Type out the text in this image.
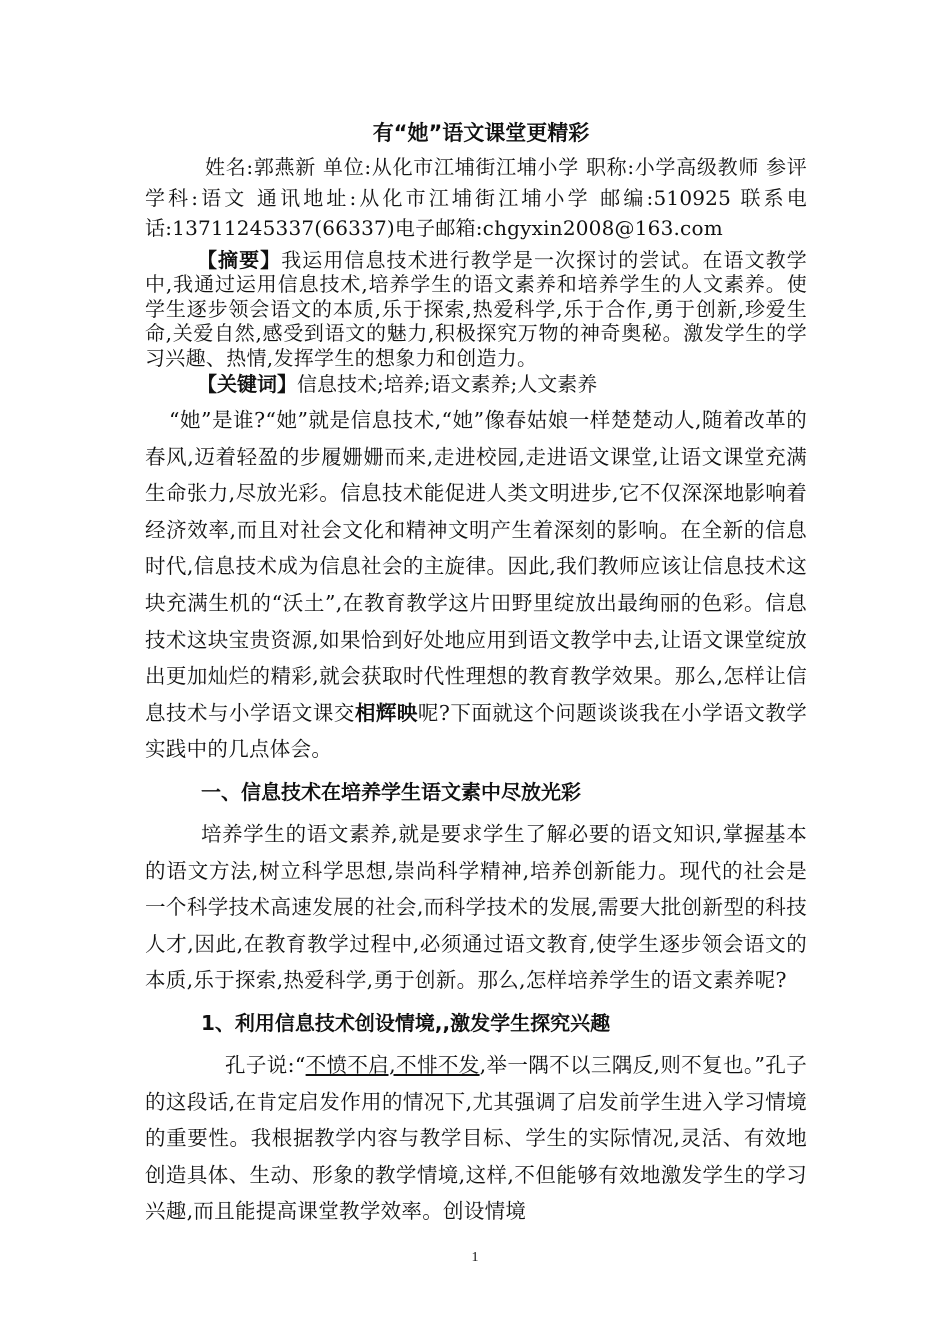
有“她”语文课堂更精彩

姓名:郭燕新 单位:从化市江埔街江埔小学 职称:小学高级教师 参评学科:语文 通讯地址:从化市江埔街江埔小学 邮编:510925 联系电话:13711245337(66337)电子邮箱:chgyxin2008@163.com

【摘要】我运用信息技术进行教学是一次探讨的尝试。在语文教学中,我通过运用信息技术,培养学生的语文素养和培养学生的人文素养。使学生逐步领会语文的本质,乐于探索,热爱科学,乐于合作,勇于创新,珍爱生命,关爱自然,感受到语文的魅力,积极探究万物的神奇奥秘。激发学生的学习兴趣、热情,发挥学生的想象力和创造力。

【关键词】信息技术;培养;语文素养;人文素养

“她”是谁?“她”就是信息技术,“她”像春姑娘一样楚楚动人,随着改革的春风,迈着轻盈的步履姗姗而来,走进校园,走进语文课堂,让语文课堂充满生命张力,尽放光彩。信息技术能促进人类文明进步,它不仅深深地影响着经济效率,而且对社会文化和精神文明产生着深刻的影响。在全新的信息时代,信息技术成为信息社会的主旋律。因此,我们教师应该让信息技术这块充满生机的“沃土”,在教育教学这片田野里绽放出最绚丽的色彩。信息技术这块宝贵资源,如果恰到好处地应用到语文教学中去,让语文课堂绽放出更加灿烂的精彩,就会获取时代性理想的教育教学效果。那么,怎样让信息技术与小学语文课交相辉映呢?下面就这个问题谈谈我在小学语文教学实践中的几点体会。

一、信息技术在培养学生语文素中尽放光彩

培养学生的语文素养,就是要求学生了解必要的语文知识,掌握基本的语文方法,树立科学思想,崇尚科学精神,培养创新能力。现代的社会是一个科学技术高速发展的社会,而科学技术的发展,需要大批创新型的科技人才,因此,在教育教学过程中,必须通过语文教育,使学生逐步领会语文的本质,乐于探索,热爱科学,勇于创新。那么,怎样培养学生的语文素养呢?

1、利用信息技术创设情境,,激发学生探究兴趣

孔子说:“不愤不启,不悱不发,举一隅不以三隅反,则不复也。”孔子的这段话,在肯定启发作用的情况下,尤其强调了启发前学生进入学习情境的重要性。我根据教学内容与教学目标、学生的实际情况,灵活、有效地创造具体、生动、形象的教学情境,这样,不但能够有效地激发学生的学习兴趣,而且能提高课堂教学效率。创设情境

1
